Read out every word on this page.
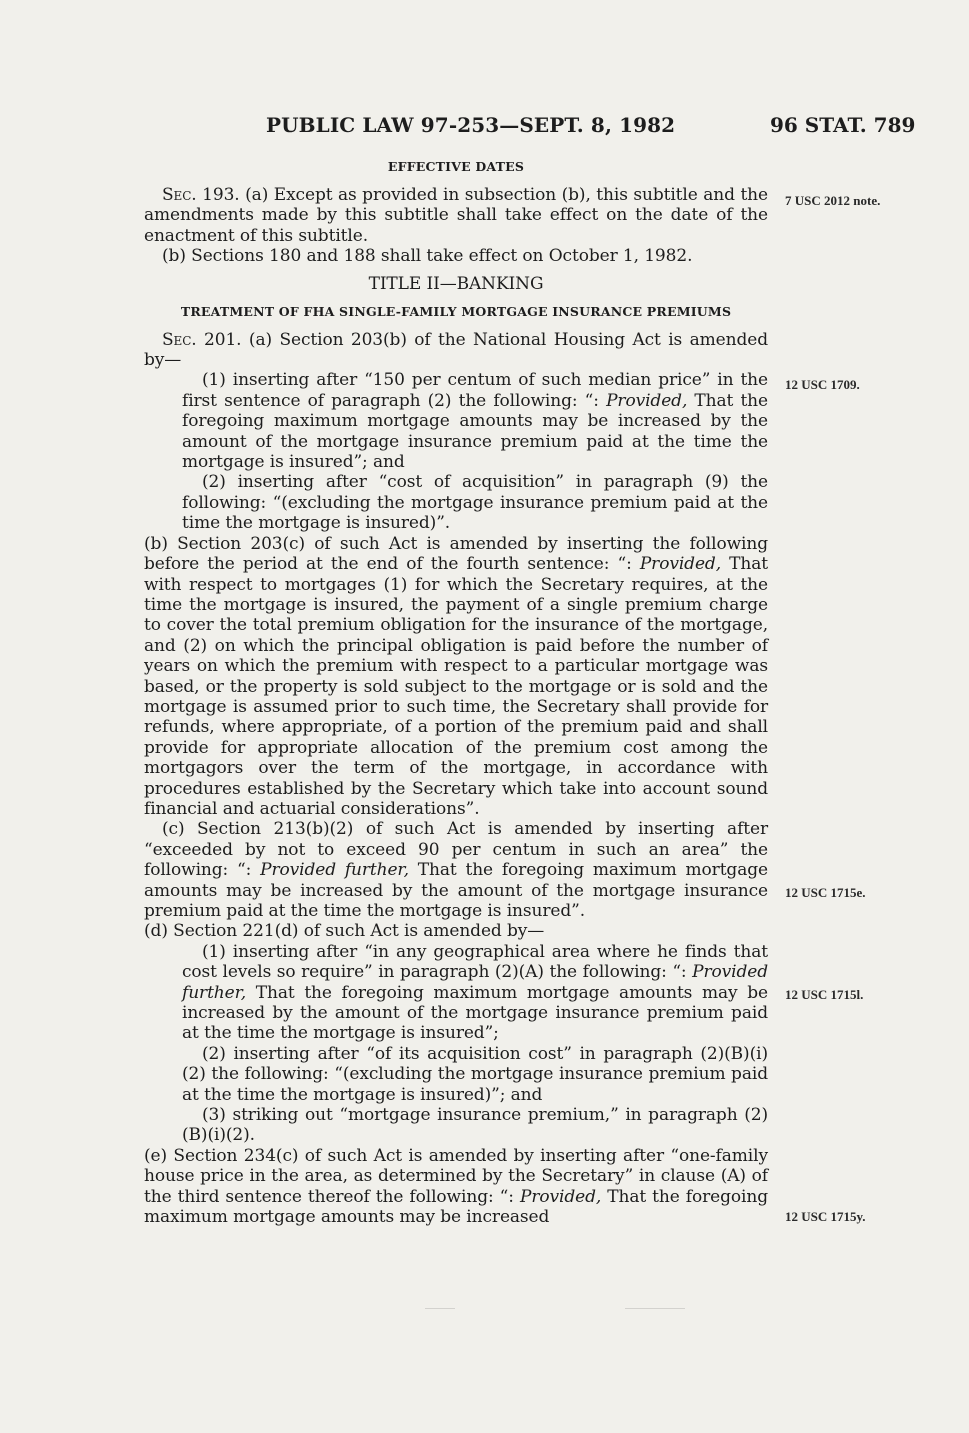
PUBLIC LAW 97-253—SEPT. 8, 1982	96 STAT. 789
7 USC 2012 note.
12 USC 1709.
12 USC 1715e.
12 USC 1715l.
12 USC 1715y.

EFFECTIVE DATES

Sec. 193. (a) Except as provided in subsection (b), this subtitle and the amendments made by this subtitle shall take effect on the date of the enactment of this subtitle.

(b) Sections 180 and 188 shall take effect on October 1, 1982.

TITLE II—BANKING

TREATMENT OF FHA SINGLE-FAMILY MORTGAGE INSURANCE PREMIUMS

Sec. 201. (a) Section 203(b) of the National Housing Act is amended by—

(1) inserting after “150 per centum of such median price” in the first sentence of paragraph (2) the following: “: Provided, That the foregoing maximum mortgage amounts may be increased by the amount of the mortgage insurance premium paid at the time the mortgage is insured”; and

(2) inserting after “cost of acquisition” in paragraph (9) the following: “(excluding the mortgage insurance premium paid at the time the mortgage is insured)”.

(b) Section 203(c) of such Act is amended by inserting the following before the period at the end of the fourth sentence: “: Provided, That with respect to mortgages (1) for which the Secretary requires, at the time the mortgage is insured, the payment of a single premium charge to cover the total premium obligation for the insurance of the mortgage, and (2) on which the principal obligation is paid before the number of years on which the premium with respect to a particular mortgage was based, or the property is sold subject to the mortgage or is sold and the mortgage is assumed prior to such time, the Secretary shall provide for refunds, where appropriate, of a portion of the premium paid and shall provide for appropriate allocation of the premium cost among the mortgagors over the term of the mortgage, in accordance with procedures established by the Secretary which take into account sound financial and actuarial considerations”.

(c) Section 213(b)(2) of such Act is amended by inserting after “exceeded by not to exceed 90 per centum in such an area” the following: “: Provided further, That the foregoing maximum mortgage amounts may be increased by the amount of the mortgage insurance premium paid at the time the mortgage is insured”.

(d) Section 221(d) of such Act is amended by—

(1) inserting after “in any geographical area where he finds that cost levels so require” in paragraph (2)(A) the following: “: Provided further, That the foregoing maximum mortgage amounts may be increased by the amount of the mortgage insurance premium paid at the time the mortgage is insured”;

(2) inserting after “of its acquisition cost” in paragraph (2)(B)(i)(2) the following: “(excluding the mortgage insurance premium paid at the time the mortgage is insured)”; and

(3) striking out “mortgage insurance premium,” in paragraph (2)(B)(i)(2).

(e) Section 234(c) of such Act is amended by inserting after “one-family house price in the area, as determined by the Secretary” in clause (A) of the third sentence thereof the following: “: Provided, That the foregoing maximum mortgage amounts may be increased
